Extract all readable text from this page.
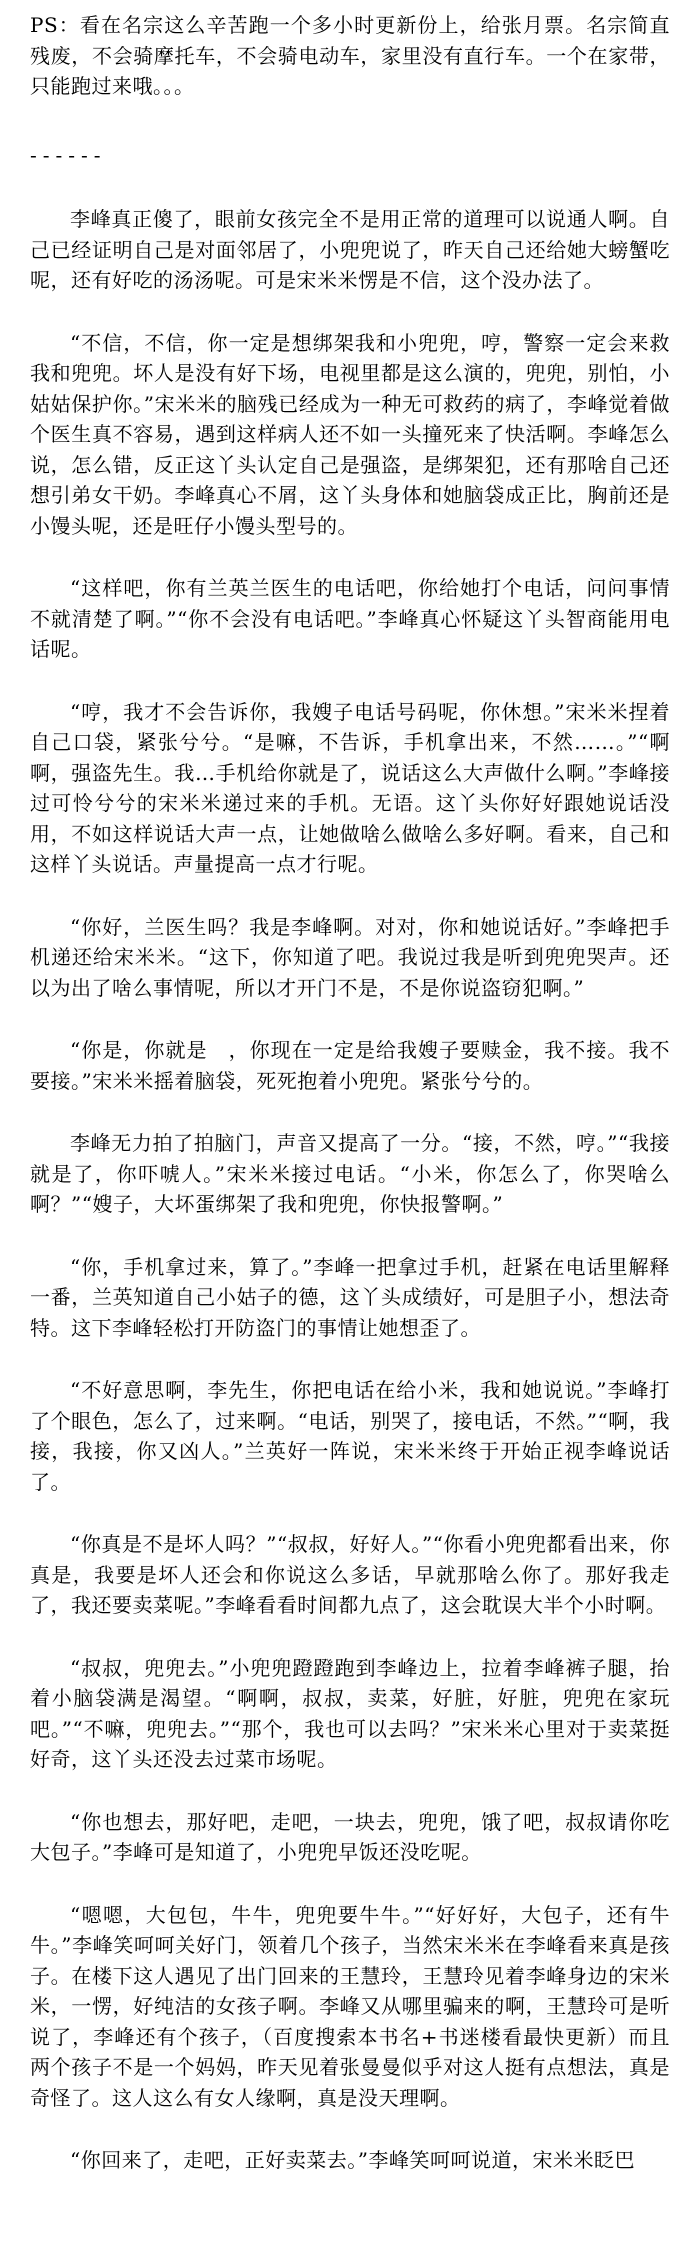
PS：看在名宗这么辛苦跑一个多小时更新份上，给张月票。名宗简直残废，不会骑摩托车，不会骑电动车，家里没有直行车。一个在家带，只能跑过来哦。。。
------

李峰真正傻了，眼前女孩完全不是用正常的道理可以说通人啊。自己已经证明自己是对面邻居了，小兜兜说了，昨天自己还给她大螃蟹吃呢，还有好吃的汤汤呢。可是宋米米愣是不信，这个没办法了。

“不信，不信，你一定是想绑架我和小兜兜，哼，警察一定会来救我和兜兜。坏人是没有好下场，电视里都是这么演的，兜兜，别怕，小姑姑保护你。”宋米米的脑残已经成为一种无可救药的病了，李峰觉着做个医生真不容易，遇到这样病人还不如一头撞死来了快活啊。李峰怎么说，怎么错，反正这丫头认定自己是强盗，是绑架犯，还有那啥自己还想引弟女干奶。李峰真心不屑，这丫头身体和她脑袋成正比，胸前还是小馒头呢，还是旺仔小馒头型号的。

“这样吧，你有兰英兰医生的电话吧，你给她打个电话，问问事情不就清楚了啊。”“你不会没有电话吧。”李峰真心怀疑这丫头智商能用电话呢。

“哼，我才不会告诉你，我嫂子电话号码呢，你休想。”宋米米捏着自己口袋，紧张兮兮。“是嘛，不告诉，手机拿出来，不然……。”“啊啊，强盗先生。我…手机给你就是了，说话这么大声做什么啊。”李峰接过可怜兮兮的宋米米递过来的手机。无语。这丫头你好好跟她说话没用，不如这样说话大声一点，让她做啥么做啥么多好啊。看来，自己和这样丫头说话。声量提高一点才行呢。

“你好，兰医生吗？我是李峰啊。对对，你和她说话好。”李峰把手机递还给宋米米。“这下，你知道了吧。我说过我是听到兜兜哭声。还以为出了啥么事情呢，所以才开门不是，不是你说盗窃犯啊。”

“你是，你就是　，你现在一定是给我嫂子要赎金，我不接。我不要接。”宋米米摇着脑袋，死死抱着小兜兜。紧张兮兮的。

李峰无力拍了拍脑门，声音又提高了一分。“接，不然，哼。”“我接就是了，你吓唬人。”宋米米接过电话。“小米，你怎么了，你哭啥么啊？”“嫂子，大坏蛋绑架了我和兜兜，你快报警啊。”

“你，手机拿过来，算了。”李峰一把拿过手机，赶紧在电话里解释一番，兰英知道自己小姑子的德，这丫头成绩好，可是胆子小，想法奇特。这下李峰轻松打开防盗门的事情让她想歪了。

“不好意思啊，李先生，你把电话在给小米，我和她说说。”李峰打了个眼色，怎么了，过来啊。“电话，别哭了，接电话，不然。”“啊，我接，我接，你又凶人。”兰英好一阵说，宋米米终于开始正视李峰说话了。

“你真是不是坏人吗？”“叔叔，好好人。”“你看小兜兜都看出来，你真是，我要是坏人还会和你说这么多话，早就那啥么你了。那好我走了，我还要卖菜呢。”李峰看看时间都九点了，这会耽误大半个小时啊。

“叔叔，兜兜去。”小兜兜蹬蹬跑到李峰边上，拉着李峰裤子腿，抬着小脑袋满是渴望。“啊啊，叔叔，卖菜，好脏，好脏，兜兜在家玩吧。”“不嘛，兜兜去。”“那个，我也可以去吗？”宋米米心里对于卖菜挺好奇，这丫头还没去过菜市场呢。

“你也想去，那好吧，走吧，一块去，兜兜，饿了吧，叔叔请你吃大包子。”李峰可是知道了，小兜兜早饭还没吃呢。

“嗯嗯，大包包，牛牛，兜兜要牛牛。”“好好好，大包子，还有牛牛。”李峰笑呵呵关好门，领着几个孩子，当然宋米米在李峰看来真是孩子。在楼下这人遇见了出门回来的王慧玲，王慧玲见着李峰身边的宋米米，一愣，好纯洁的女孩子啊。李峰又从哪里骗来的啊，王慧玲可是听说了，李峰还有个孩子，（百度搜索本书名+书迷楼看最快更新）而且两个孩子不是一个妈妈，昨天见着张曼曼似乎对这人挺有点想法，真是奇怪了。这人这么有女人缘啊，真是没天理啊。

“你回来了，走吧，正好卖菜去。”李峰笑呵呵说道，宋米米眨巴
